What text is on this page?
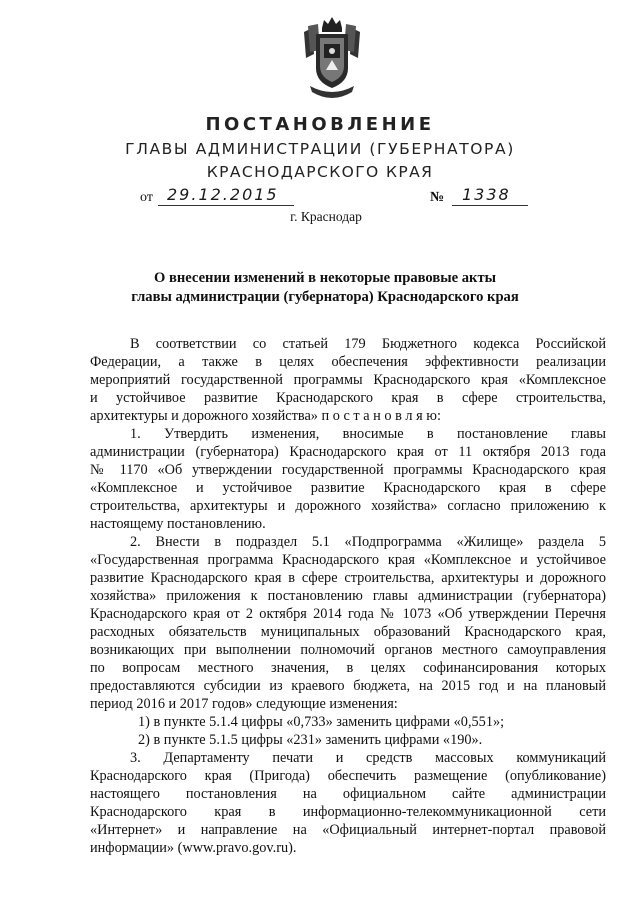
ПОСТАНОВЛЕНИЕ
ГЛАВЫ АДМИНИСТРАЦИИ (ГУБЕРНАТОРА)
КРАСНОДАРСКОГО КРАЯ
от 29.12.2015	№ 1338
г. Краснодар
О внесении изменений в некоторые правовые акты
главы администрации (губернатора) Краснодарского края
В соответствии со статьей 179 Бюджетного кодекса Российской
Федерации, а также в целях обеспечения эффективности реализации
мероприятий государственной программы Краснодарского края «Комплексное
и устойчивое развитие Краснодарского края в сфере строительства,
архитектуры и дорожного хозяйства» п о с т а н о в л я ю:
1. Утвердить изменения, вносимые в постановление главы
администрации (губернатора) Краснодарского края от 11 октября 2013 года
№ 1170 «Об утверждении государственной программы Краснодарского края
«Комплексное и устойчивое развитие Краснодарского края в сфере
строительства, архитектуры и дорожного хозяйства» согласно приложению к
настоящему постановлению.
2. Внести в подраздел 5.1 «Подпрограмма «Жилище» раздела 5
«Государственная программа Краснодарского края «Комплексное и устойчивое
развитие Краснодарского края в сфере строительства, архитектуры и дорожного
хозяйства» приложения к постановлению главы администрации (губернатора)
Краснодарского края от 2 октября 2014 года № 1073 «Об утверждении Перечня
расходных обязательств муниципальных образований Краснодарского края,
возникающих при выполнении полномочий органов местного самоуправления
по вопросам местного значения, в целях софинансирования которых
предоставляются субсидии из краевого бюджета, на 2015 год и на плановый
период 2016 и 2017 годов» следующие изменения:
1) в пункте 5.1.4 цифры «0,733» заменить цифрами «0,551»;
2) в пункте 5.1.5 цифры «231» заменить цифрами «190».
3. Департаменту печати и средств массовых коммуникаций
Краснодарского края (Пригода) обеспечить размещение (опубликование)
настоящего постановления на официальном сайте администрации
Краснодарского края в информационно-телекоммуникационной сети
«Интернет» и направление на «Официальный интернет-портал правовой
информации» (www.pravo.gov.ru).
